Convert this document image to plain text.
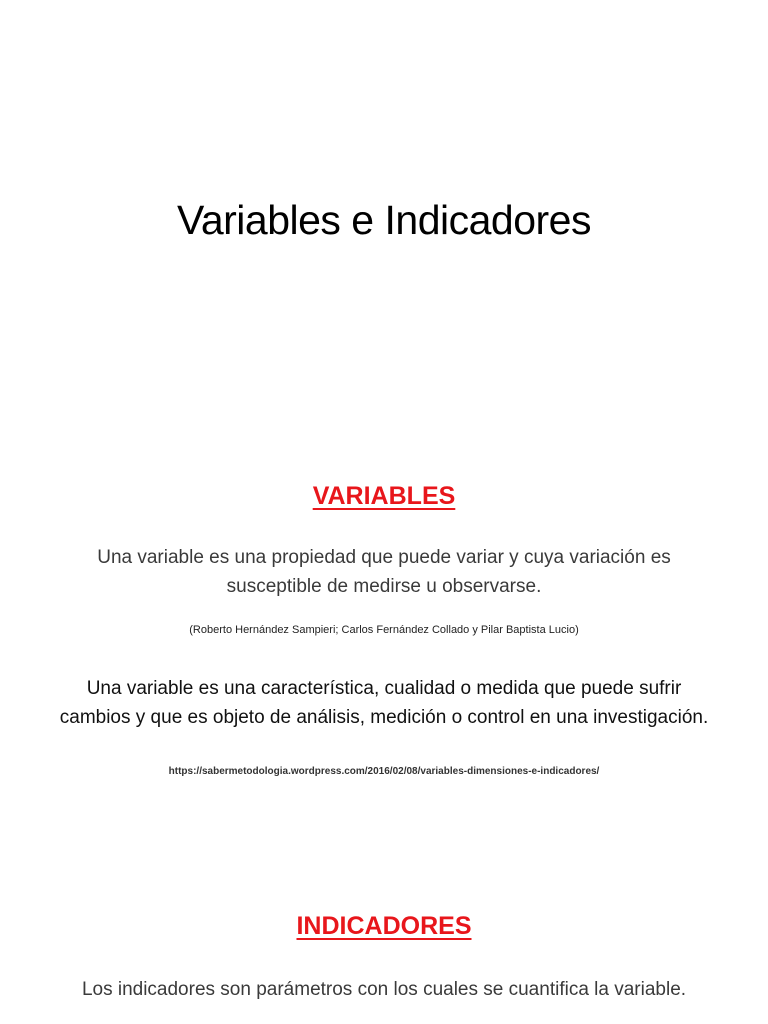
Variables e Indicadores
VARIABLES
Una variable es una propiedad que puede variar y cuya variación es susceptible de medirse u observarse.
(Roberto Hernández Sampieri; Carlos Fernández Collado y Pilar Baptista Lucio)
Una variable es una característica, cualidad o medida que puede sufrir cambios y que es objeto de análisis, medición o control en una investigación.
https://sabermetodologia.wordpress.com/2016/02/08/variables-dimensiones-e-indicadores/
INDICADORES
Los indicadores son parámetros con los cuales se cuantifica la variable.
